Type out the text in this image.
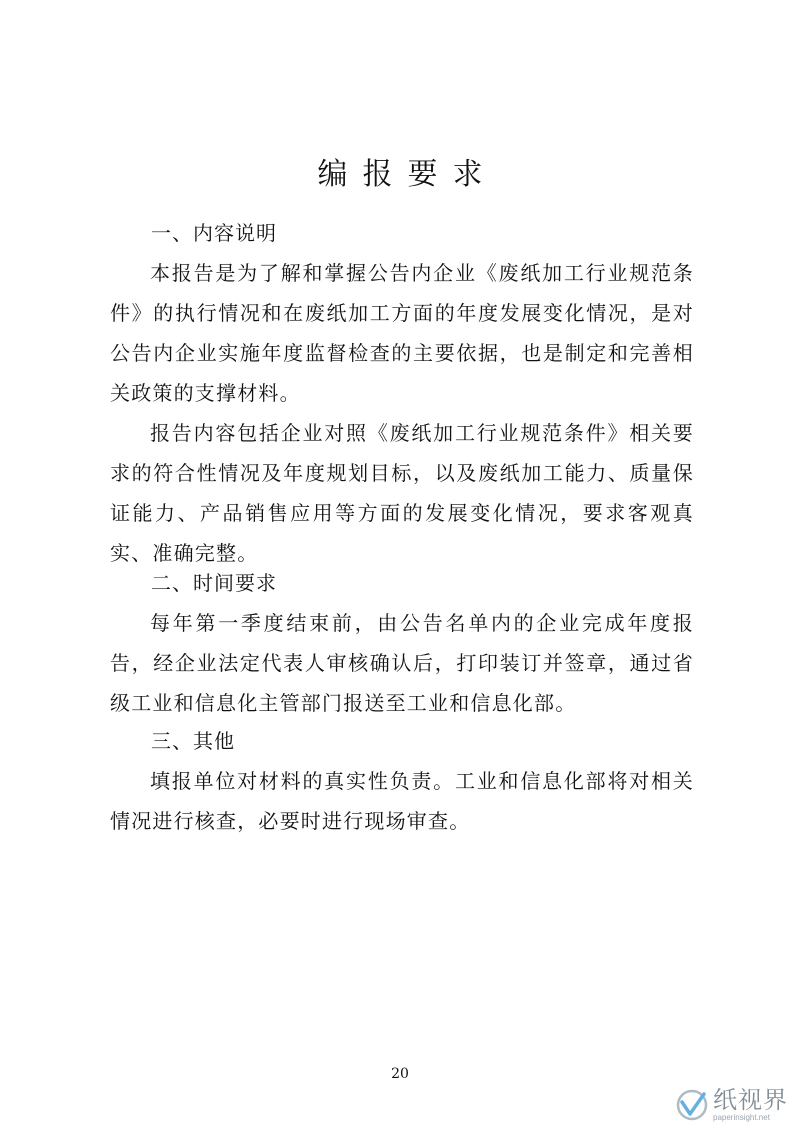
编报要求
一、内容说明

本报告是为了解和掌握公告内企业《废纸加工行业规范条件》的执行情况和在废纸加工方面的年度发展变化情况，是对公告内企业实施年度监督检查的主要依据，也是制定和完善相关政策的支撑材料。

报告内容包括企业对照《废纸加工行业规范条件》相关要求的符合性情况及年度规划目标，以及废纸加工能力、质量保证能力、产品销售应用等方面的发展变化情况，要求客观真实、准确完整。

二、时间要求

每年第一季度结束前，由公告名单内的企业完成年度报告，经企业法定代表人审核确认后，打印装订并签章，通过省级工业和信息化主管部门报送至工业和信息化部。

三、其他

填报单位对材料的真实性负责。工业和信息化部将对相关情况进行核查，必要时进行现场审查。

20
纸视界
paperinsight.net
